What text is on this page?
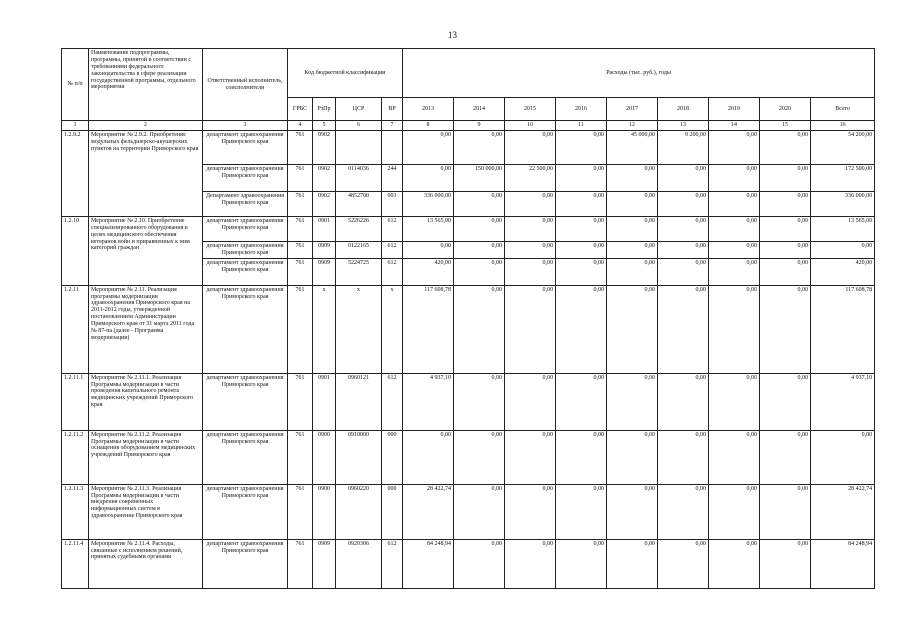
13
№ п/п	Наименование подпрограммы, программы, принятой в соответствии с требованиями федерального законодательства в сфере реализации государственной программы, отдельного мероприятия	Ответственный исполнитель, соисполнители	Код бюджетной классификации				Расходы (тыс. руб.), годы								
			ГРБС	РзПр	ЦСР	ВР	2013	2014	2015	2016	2017	2018	2019	2020	Всего
1	2	3	4	5	6	7	8	9	10	11	12	13	14	15	16
1.2.9.2	Мероприятие № 2.9.2. Приобретение модульных фельдшерско-акушерских пунктов на территории Приморского края	департамент здравоохранения Приморского края	761	0902			0,00	0,00	0,00	0,00	45 000,00	9 200,00	0,00	0,00	54 200,00
		департамент здравоохранения Приморского края	761	0902	0114036	244	0,00	150 000,00	22 500,00	0,00	0,00	0,00	0,00	0,00	172 500,00
		Департамент здравоохранения Приморского края	761	0902	4852700	003	336 000,00	0,00	0,00	0,00	0,00	0,00	0,00	0,00	336 000,00
1.2.10	Мероприятие № 2.10. Приобретение специализированного оборудования в целях медицинского обеспечения ветеранов войн и приравненных к ним категорий граждан	департамент здравоохранения Приморского края	761	0901	5226226	612	13 565,00	0,00	0,00	0,00	0,00	0,00	0,00	0,00	13 565,00
		департамент здравоохранения Приморского края	761	0909	0122165	612	0,00	0,00	0,00	0,00	0,00	0,00	0,00	0,00	0,00
		департамент здравоохранения Приморского края	761	0909	5224725	612	420,00	0,00	0,00	0,00	0,00	0,00	0,00	0,00	420,00
1.2.11	Мероприятие № 2.11. Реализация программы модернизации здравоохранения Приморского края на 2011-2012 годы, утвержденной постановлением Администрации Приморского края от 31 марта 2011 года № 87-па (далее - Программа модернизации)	департамент здравоохранения Приморского края	761	х	х	х	117 608,78	0,00	0,00	0,00	0,00	0,00	0,00	0,00	117 608,78
1.2.11.1	Мероприятие № 2.11.1. Реализация Программы модернизации в части проведения капитального ремонта медицинских учреждений Приморского края	департамент здравоохранения Приморского края	761	0901	0960121	612	4 937,10	0,00	0,00	0,00	0,00	0,00	0,00	0,00	4 937,10
1.2.11.2	Мероприятие № 2.11.2. Реализация Программы модернизации в части оснащения оборудованием медицинских учреждений Приморского края	департамент здравоохранения Приморского края	761	0900	0910000	000	0,00	0,00	0,00	0,00	0,00	0,00	0,00	0,00	0,00
1.2.11.3	Мероприятие № 2.11.3. Реализация Программы модернизации в части внедрения современных информационных систем в здравоохранение Приморского края	департамент здравоохранения Приморского края	761	0900	0960220	000	28 422,74	0,00	0,00	0,00	0,00	0,00	0,00	0,00	28 422,74
1.2.11.4	Мероприятие № 2.11.4. Расходы, связанные с исполнением решений, принятых судебными органами	департамент здравоохранения Приморского края	761	0909	0920306	612	84 248,94	0,00	0,00	0,00	0,00	0,00	0,00	0,00	84 248,94
